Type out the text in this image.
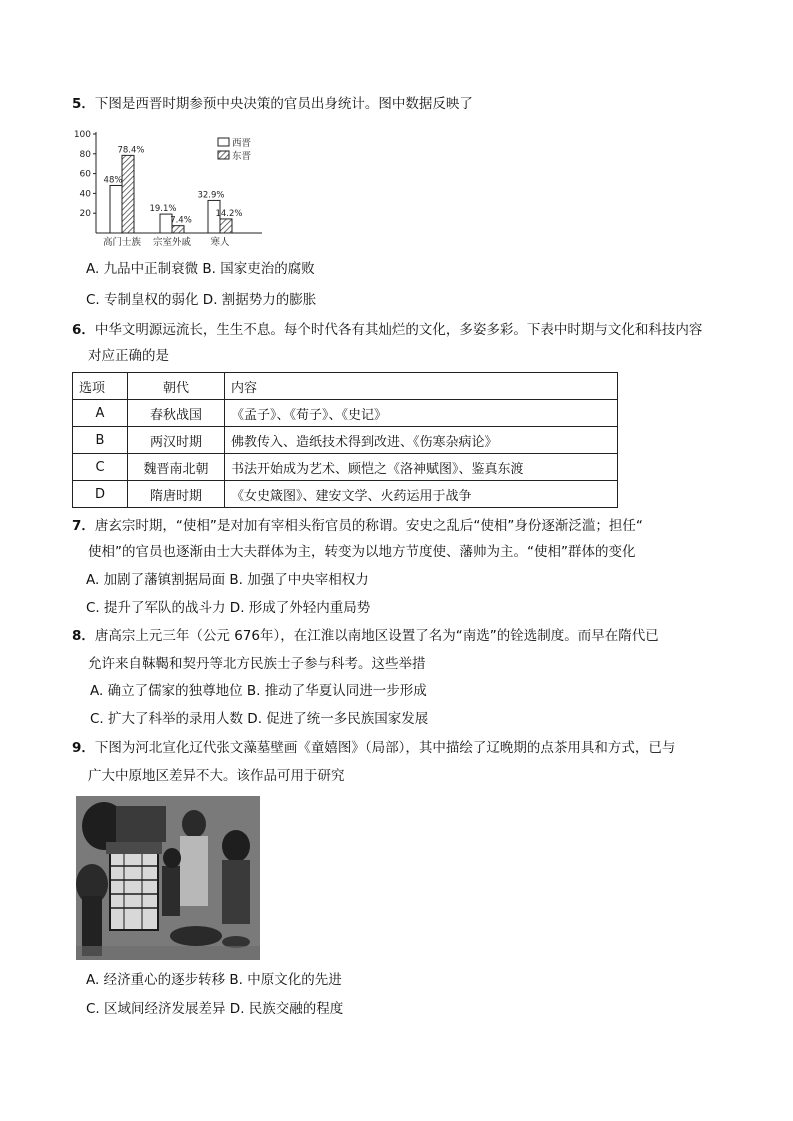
5．下图是西晋时期参预中央决策的官员出身统计。图中数据反映了
20
40
60
80
100
48%
78.4%
高门士族
19.1%
7.4%
宗室外戚
32.9%
14.2%
寒人
西晋
东晋
A. 九品中正制衰微 B. 国家吏治的腐败
C. 专制皇权的弱化 D. 割据势力的膨胀
6．中华文明源远流长，生生不息。每个时代各有其灿烂的文化，多姿多彩。下表中时期与文化和科技内容
对应正确的是
选项	朝代	内容
A	春秋战国	《孟子》、《荀子》、《史记》
B	两汉时期	佛教传入、造纸技术得到改进、《伤寒杂病论》
C	魏晋南北朝	书法开始成为艺术、顾恺之《洛神赋图》、鉴真东渡
D	隋唐时期	《女史箴图》、建安文学、火药运用于战争
7．唐玄宗时期，“使相”是对加有宰相头衔官员的称谓。安史之乱后“使相”身份逐渐泛滥；担任“
使相”的官员也逐渐由士大夫群体为主，转变为以地方节度使、藩帅为主。“使相”群体的变化
A. 加剧了藩镇割据局面 B. 加强了中央宰相权力
C. 提升了军队的战斗力 D. 形成了外轻内重局势
8．唐高宗上元三年（公元 676年），在江淮以南地区设置了名为“南选”的铨选制度。而早在隋代已
允许来自靺鞨和契丹等北方民族士子参与科考。这些举措
A. 确立了儒家的独尊地位 B. 推动了华夏认同进一步形成
C. 扩大了科举的录用人数 D. 促进了统一多民族国家发展
9．下图为河北宣化辽代张文藻墓壁画《童嬉图》（局部），其中描绘了辽晚期的点茶用具和方式，已与
广大中原地区差异不大。该作品可用于研究
A. 经济重心的逐步转移 B. 中原文化的先进
C. 区域间经济发展差异 D. 民族交融的程度
